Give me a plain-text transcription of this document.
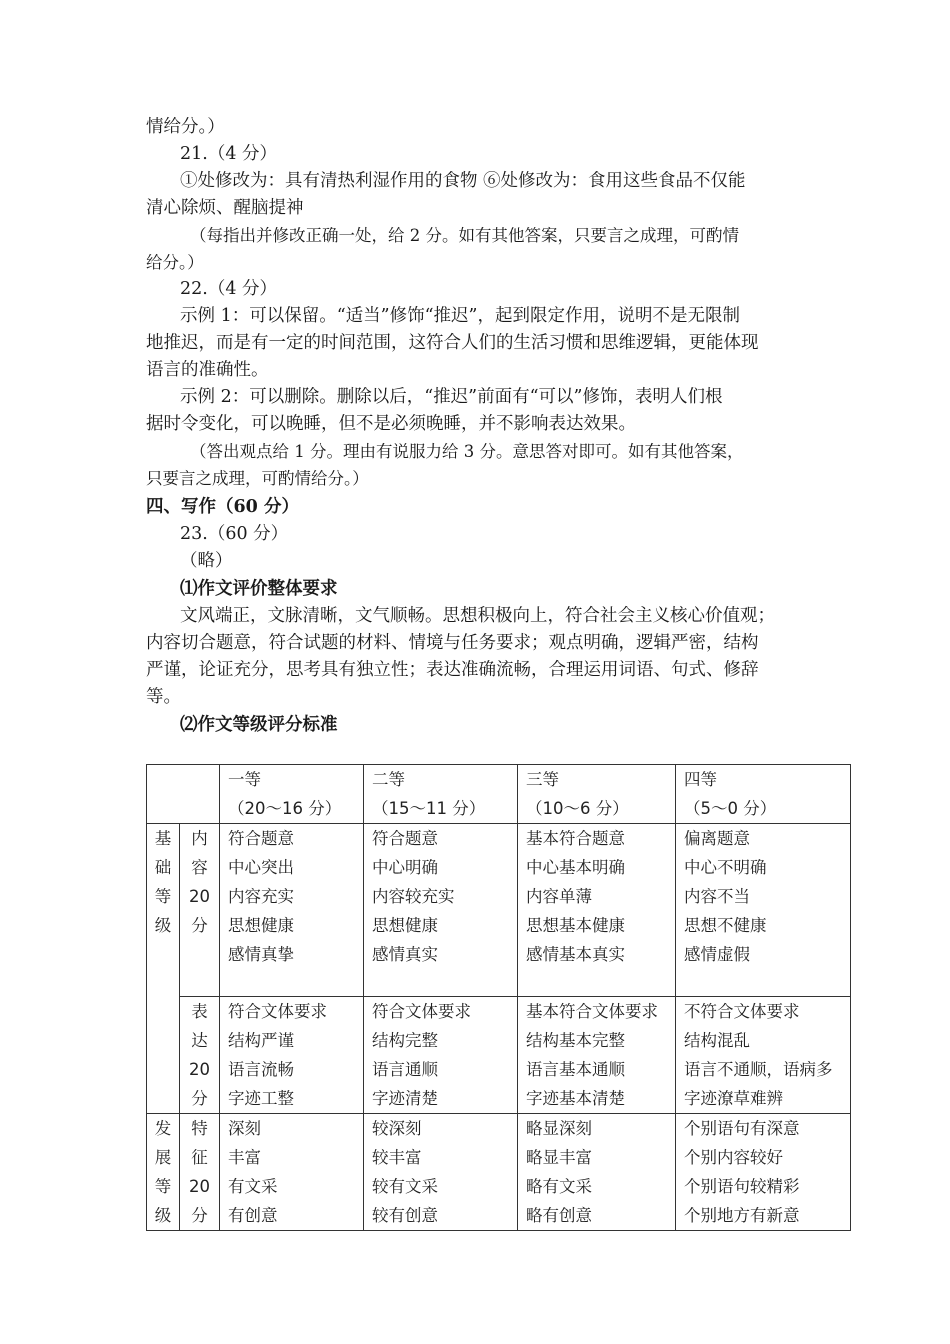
情给分。）
21.（4 分）
①处修改为：具有清热利湿作用的食物 ⑥处修改为：食用这些食品不仅能
清心除烦、醒脑提神
（每指出并修改正确一处，给 2 分。如有其他答案，只要言之成理，可酌情
给分。）
22.（4 分）
示例 1：可以保留。“适当”修饰“推迟”，起到限定作用，说明不是无限制
地推迟，而是有一定的时间范围，这符合人们的生活习惯和思维逻辑，更能体现
语言的准确性。
示例 2：可以删除。删除以后，“推迟”前面有“可以”修饰，表明人们根
据时令变化，可以晚睡，但不是必须晚睡，并不影响表达效果。
（答出观点给 1 分。理由有说服力给 3 分。意思答对即可。如有其他答案，
只要言之成理，可酌情给分。）
四、写作（60 分）
23.（60 分）
（略）
⑴作文评价整体要求
文风端正，文脉清晰，文气顺畅。思想积极向上，符合社会主义核心价值观；
内容切合题意，符合试题的材料、情境与任务要求；观点明确，逻辑严密，结构
严谨，论证充分，思考具有独立性；表达准确流畅，合理运用词语、句式、修辞
等。
⑵作文等级评分标准

		一等
（20～16 分）	二等
（15～11 分）	三等
（10～6 分）	四等
（5～0 分）

基
础
等
级	内
容
20
分	符合题意
中心突出
内容充实
思想健康
感情真挚	符合题意
中心明确
内容较充实
思想健康
感情真实	基本符合题意
中心基本明确
内容单薄
思想基本健康
感情基本真实	偏离题意
中心不明确
内容不当
思想不健康
感情虚假

	表
达
20
分	符合文体要求
结构严谨
语言流畅
字迹工整	符合文体要求
结构完整
语言通顺
字迹清楚	基本符合文体要求
结构基本完整
语言基本通顺
字迹基本清楚	不符合文体要求
结构混乱
语言不通顺，语病多
字迹潦草难辨

发
展
等
级	特
征
20
分	深刻
丰富
有文采
有创意	较深刻
较丰富
较有文采
较有创意	略显深刻
略显丰富
略有文采
略有创意	个别语句有深意
个别内容较好
个别语句较精彩
个别地方有新意
